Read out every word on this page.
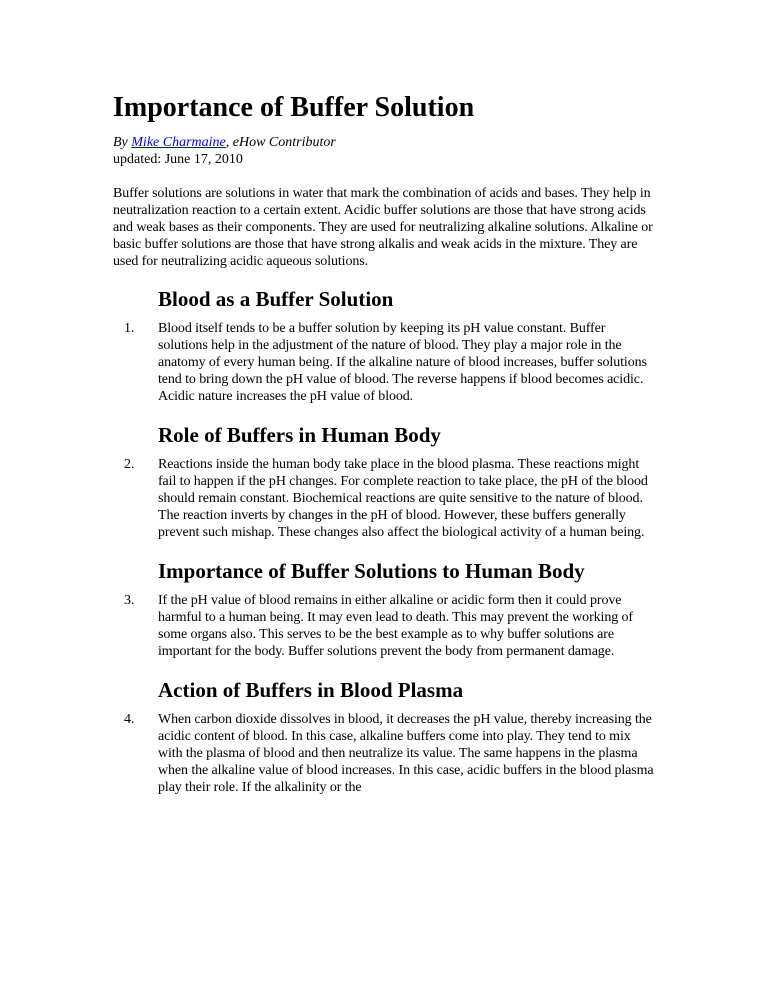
Importance of Buffer Solution

By Mike Charmaine, eHow Contributor

updated: June 17, 2010

Buffer solutions are solutions in water that mark the combination of acids and bases. They help in neutralization reaction to a certain extent. Acidic buffer solutions are those that have strong acids and weak bases as their components. They are used for neutralizing alkaline solutions. Alkaline or basic buffer solutions are those that have strong alkalis and weak acids in the mixture. They are used for neutralizing acidic aqueous solutions.

Blood as a Buffer Solution
1. Blood itself tends to be a buffer solution by keeping its pH value constant. Buffer solutions help in the adjustment of the nature of blood. They play a major role in the anatomy of every human being. If the alkaline nature of blood increases, buffer solutions tend to bring down the pH value of blood. The reverse happens if blood becomes acidic. Acidic nature increases the pH value of blood.
Role of Buffers in Human Body
2. Reactions inside the human body take place in the blood plasma. These reactions might fail to happen if the pH changes. For complete reaction to take place, the pH of the blood should remain constant. Biochemical reactions are quite sensitive to the nature of blood. The reaction inverts by changes in the pH of blood. However, these buffers generally prevent such mishap. These changes also affect the biological activity of a human being.
Importance of Buffer Solutions to Human Body
3. If the pH value of blood remains in either alkaline or acidic form then it could prove harmful to a human being. It may even lead to death. This may prevent the working of some organs also. This serves to be the best example as to why buffer solutions are important for the body. Buffer solutions prevent the body from permanent damage.
Action of Buffers in Blood Plasma
4. When carbon dioxide dissolves in blood, it decreases the pH value, thereby increasing the acidic content of blood. In this case, alkaline buffers come into play. They tend to mix with the plasma of blood and then neutralize its value. The same happens in the plasma when the alkaline value of blood increases. In this case, acidic buffers in the blood plasma play their role. If the alkalinity or the
